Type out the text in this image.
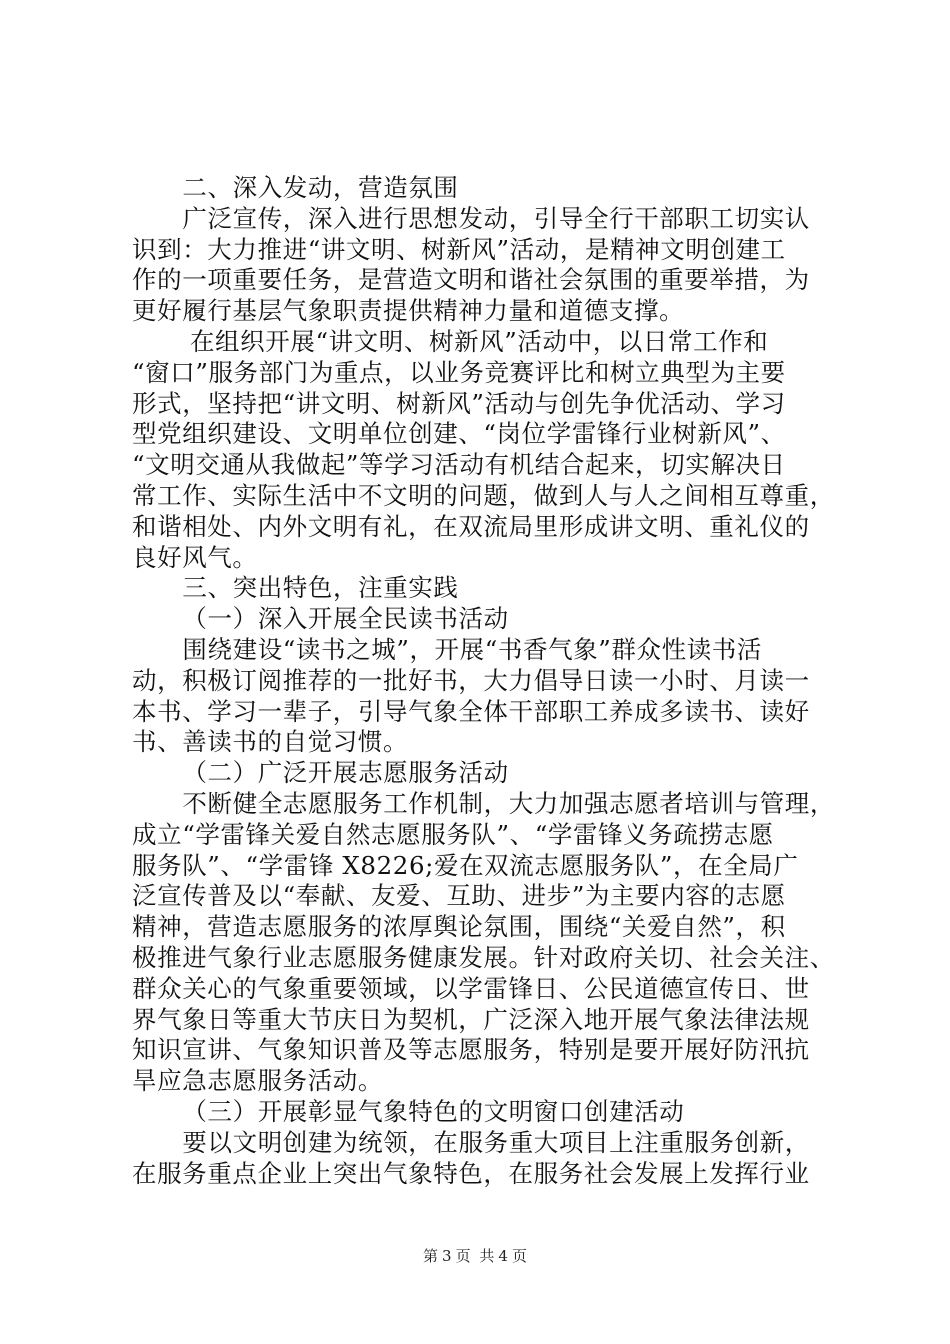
二、深入发动，营造氛围
广泛宣传，深入进行思想发动，引导全行干部职工切实认
识到：大力推进“讲文明、树新风”活动，是精神文明创建工
作的一项重要任务，是营造文明和谐社会氛围的重要举措，为
更好履行基层气象职责提供精神力量和道德支撑。
在组织开展“讲文明、树新风”活动中，以日常工作和
“窗口”服务部门为重点，以业务竞赛评比和树立典型为主要
形式，坚持把“讲文明、树新风”活动与创先争优活动、学习
型党组织建设、文明单位创建、“岗位学雷锋行业树新风”、
“文明交通从我做起”等学习活动有机结合起来，切实解决日
常工作、实际生活中不文明的问题，做到人与人之间相互尊重，
和谐相处、内外文明有礼，在双流局里形成讲文明、重礼仪的
良好风气。
三、突出特色，注重实践
（一）深入开展全民读书活动
围绕建设“读书之城”，开展“书香气象”群众性读书活
动，积极订阅推荐的一批好书，大力倡导日读一小时、月读一
本书、学习一辈子，引导气象全体干部职工养成多读书、读好
书、善读书的自觉习惯。
（二）广泛开展志愿服务活动
不断健全志愿服务工作机制，大力加强志愿者培训与管理，
成立“学雷锋关爱自然志愿服务队”、“学雷锋义务疏捞志愿
服务队”、“学雷锋 X8226;爱在双流志愿服务队”，在全局广
泛宣传普及以“奉献、友爱、互助、进步”为主要内容的志愿
精神，营造志愿服务的浓厚舆论氛围，围绕“关爱自然”，积
极推进气象行业志愿服务健康发展。针对政府关切、社会关注、
群众关心的气象重要领域，以学雷锋日、公民道德宣传日、世
界气象日等重大节庆日为契机，广泛深入地开展气象法律法规
知识宣讲、气象知识普及等志愿服务，特别是要开展好防汛抗
旱应急志愿服务活动。
（三）开展彰显气象特色的文明窗口创建活动
要以文明创建为统领，在服务重大项目上注重服务创新，
在服务重点企业上突出气象特色，在服务社会发展上发挥行业
第 3 页 共 4 页
